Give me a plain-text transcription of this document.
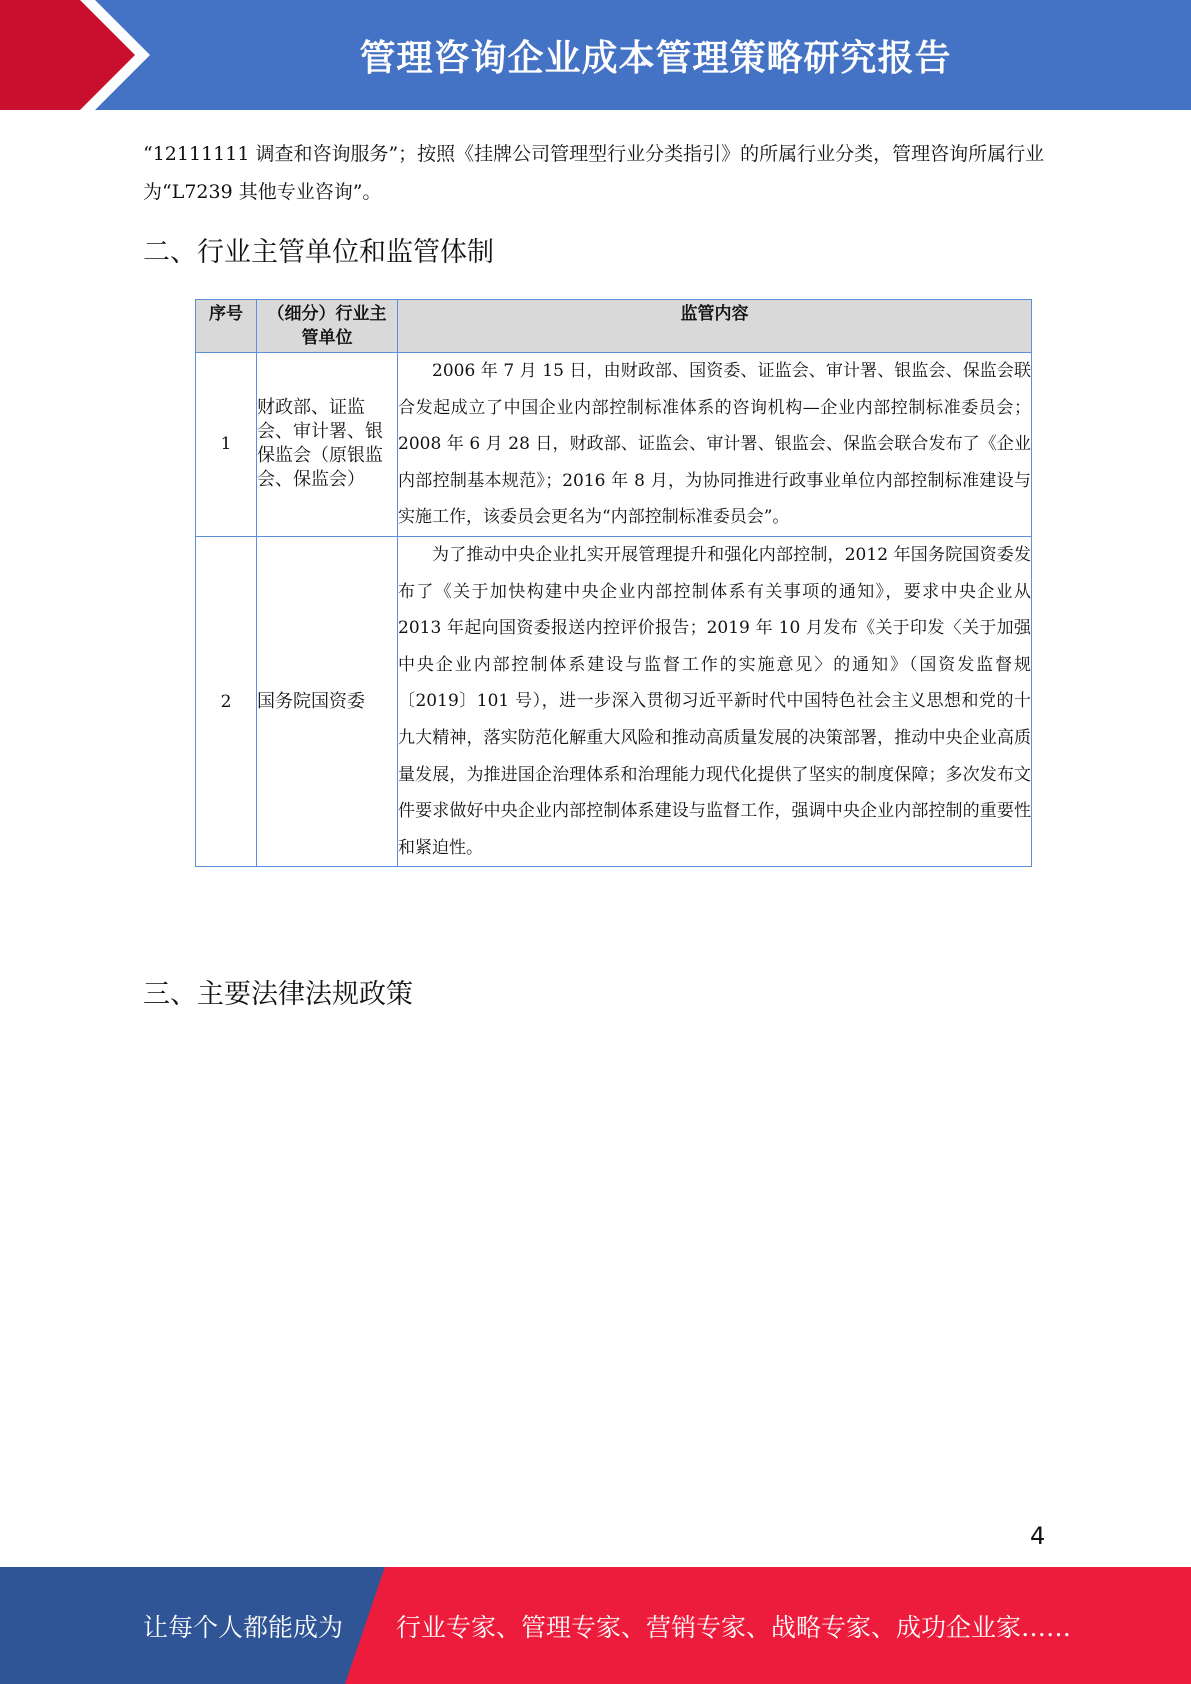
管理咨询企业成本管理策略研究报告

“12111111 调查和咨询服务”；按照《挂牌公司管理型行业分类指引》的所属行业分类，管理咨询所属行业为“L7239 其他专业咨询”。

二、行业主管单位和监管体制
序号	（细分）行业主管单位	监管内容
1	财政部、证监会、审计署、银保监会（原银监会、保监会）	2006 年 7 月 15 日，由财政部、国资委、证监会、审计署、银监会、保监会联合发起成立了中国企业内部控制标准体系的咨询机构—企业内部控制标准委员会；2008 年 6 月 28 日，财政部、证监会、审计署、银监会、保监会联合发布了《企业内部控制基本规范》；2016 年 8 月，为协同推进行政事业单位内部控制标准建设与实施工作，该委员会更名为“内部控制标准委员会”。

2	国务院国资委	为了推动中央企业扎实开展管理提升和强化内部控制，2012 年国务院国资委发布了《关于加快构建中央企业内部控制体系有关事项的通知》，要求中央企业从 2013 年起向国资委报送内控评价报告；2019 年 10 月发布《关于印发〈关于加强中央企业内部控制体系建设与监督工作的实施意见〉的通知》（国资发监督规〔2019〕101 号），进一步深入贯彻习近平新时代中国特色社会主义思想和党的十九大精神，落实防范化解重大风险和推动高质量发展的决策部署，推动中央企业高质量发展，为推进国企治理体系和治理能力现代化提供了坚实的制度保障；多次发布文件要求做好中央企业内部控制体系建设与监督工作，强调中央企业内部控制的重要性和紧迫性。

三、主要法律法规政策
4
让每个人都能成为 行业专家、管理专家、营销专家、战略专家、成功企业家……
